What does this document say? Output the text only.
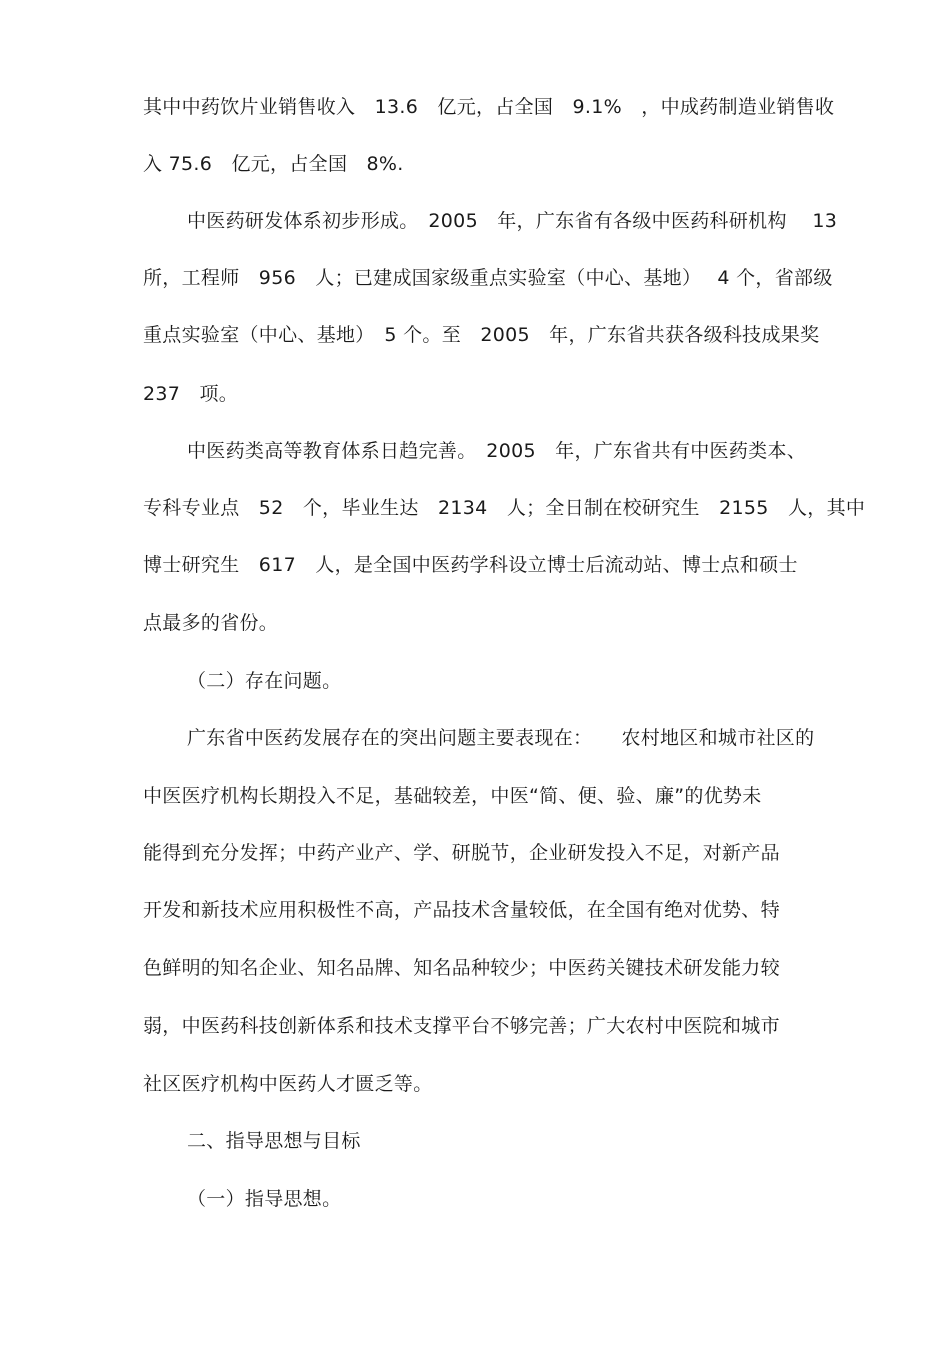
其中中药饮片业销售收入　13.6　亿元，占全国　9.1%　，中成药制造业销售收
入 75.6　亿元，占全国　8%.
中医药研发体系初步形成。　2005　年，广东省有各级中医药科研机构　 13
所，工程师　956　人；已建成国家级重点实验室（中心、基地）　 4 个，省部级
重点实验室（中心、基地）　5 个。至　2005　年，广东省共获各级科技成果奖
237　项。
中医药类高等教育体系日趋完善。　2005　年，广东省共有中医药类本、
专科专业点　52　个，毕业生达　2134　人；全日制在校研究生　2155　人，其中
博士研究生　617　人，是全国中医药学科设立博士后流动站、博士点和硕士
点最多的省份。
（二）存在问题。
广东省中医药发展存在的突出问题主要表现在：　　农村地区和城市社区的
中医医疗机构长期投入不足，基础较差，中医“简、便、验、廉”的优势未
能得到充分发挥；中药产业产、学、研脱节，企业研发投入不足，对新产品
开发和新技术应用积极性不高，产品技术含量较低，在全国有绝对优势、特
色鲜明的知名企业、知名品牌、知名品种较少；中医药关键技术研发能力较
弱，中医药科技创新体系和技术支撑平台不够完善；广大农村中医院和城市
社区医疗机构中医药人才匮乏等。
二、指导思想与目标
（一）指导思想。
